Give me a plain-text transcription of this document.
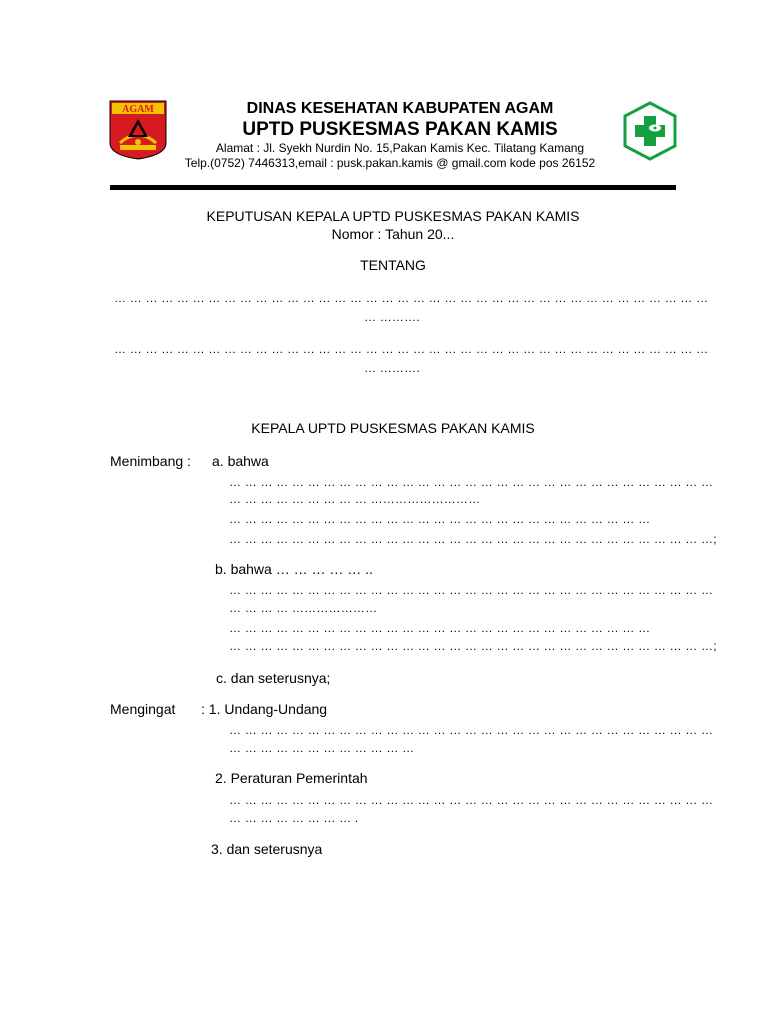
AGAM	DINAS KESEHATAN KABUPATEN AGAM
UPTD PUSKESMAS PAKAN KAMIS
Alamat : Jl. Syekh Nurdin No. 15,Pakan Kamis Kec. Tilatang Kamang
Telp.(0752) 7446313,email : pusk.pakan.kamis @ gmail.com kode pos 26152
KEPUTUSAN KEPALA UPTD PUSKESMAS PAKAN KAMIS
Nomor : Tahun 20...
TENTANG
… … … … … … … … … … … … … … … … … … … … … … … … … … … … … … … … … … … … … …
… ……….
… … … … … … … … … … … … … … … … … … … … … … … … … … … … … … … … … … … … … …
… ……….
KEPALA UPTD PUSKESMAS PAKAN KAMIS
Menimbang : a. bahwa
… … … … … … … … … … … … … … … … … … … … … … … … … … … … … … …
… … … … … … … … … ………………………
… … … … … … … … … … … … … … … … … … … … … … … … … … …
… … … … … … … … … … … … … … … … … … … … … … … … … … … … … … …;
b. bahwa … … … … … ..
… … … … … … … … … … … … … … … … … … … … … … … … … … … … … … …
… … … … …………………
… … … … … … … … … … … … … … … … … … … … … … … … … … …
… … … … … … … … … … … … … … … … … … … … … … … … … … … … … … …;
c. dan seterusnya;
Mengingat : 1. Undang-Undang
… … … … … … … … … … … … … … … … … … … … … … … … … … … … … … …
… … … … … … … … … … … …
2. Peraturan Pemerintah
… … … … … … … … … … … … … … … … … … … … … … … … … … … … … … …
… … … … … … … … .
3. dan seterusnya
